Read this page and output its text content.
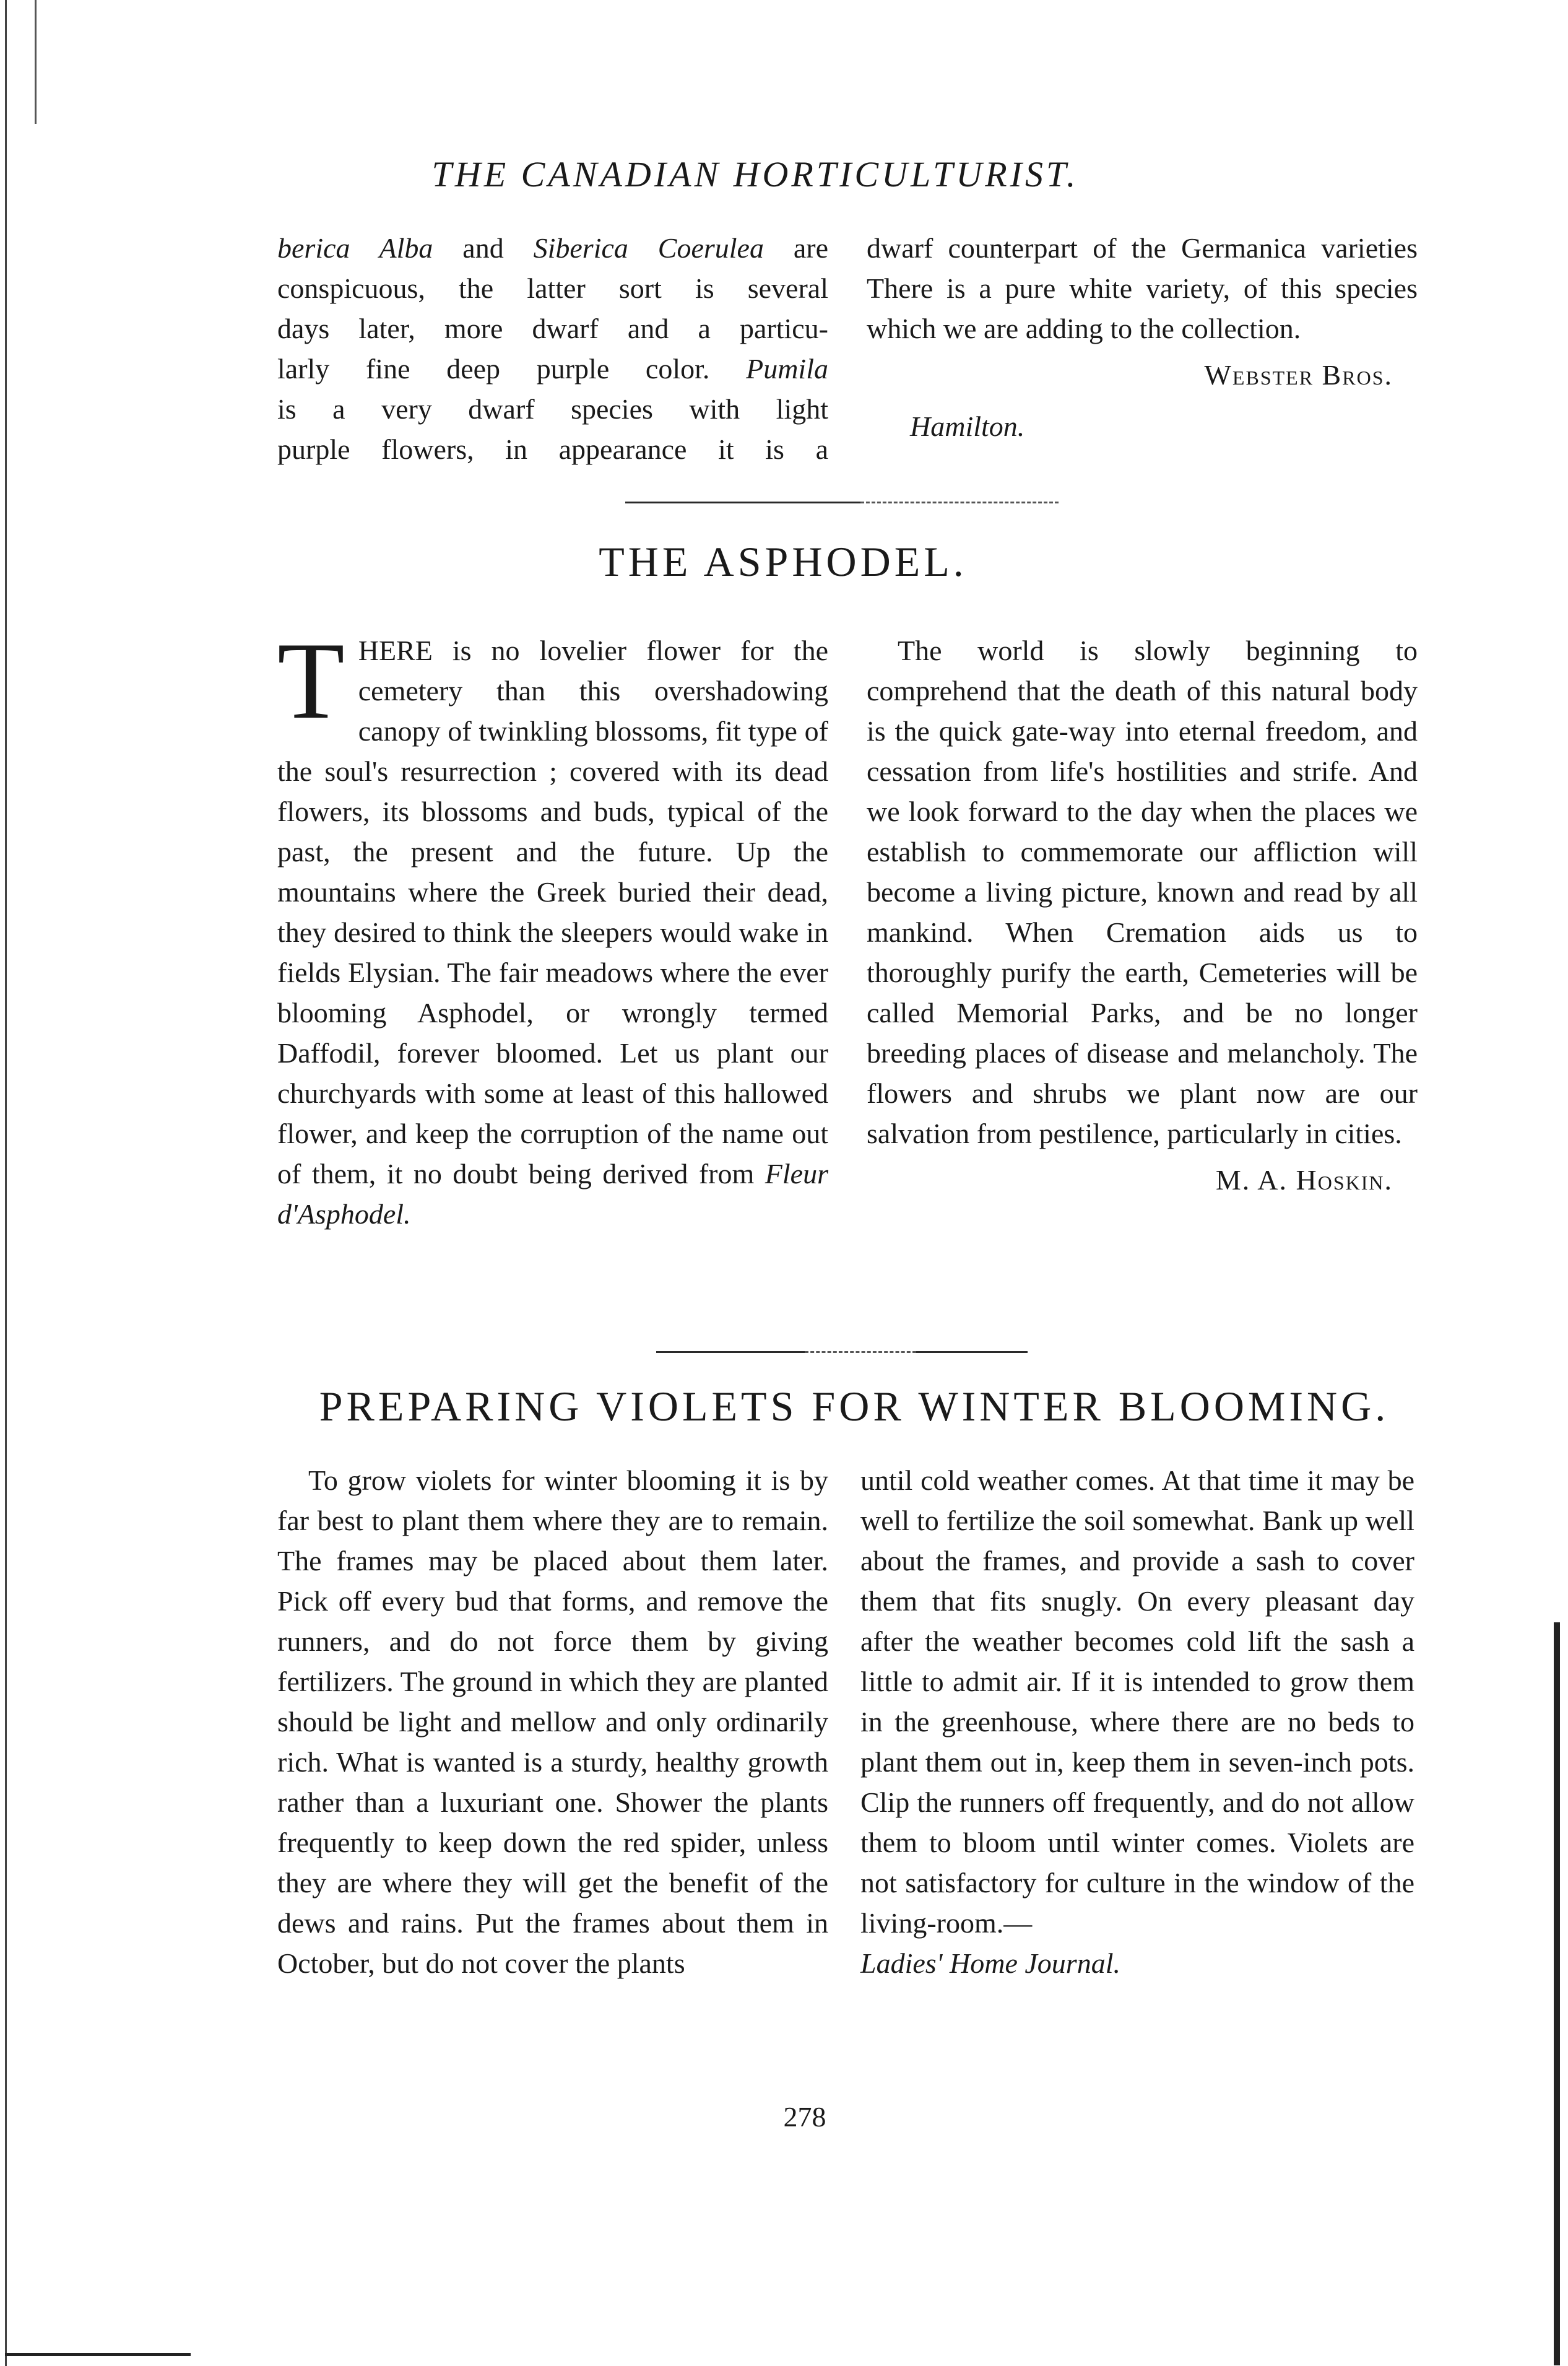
THE CANADIAN HORTICULTURIST.
berica Alba and Siberica Coerulea are
conspicuous, the latter sort is several
days later, more dwarf and a particu-
larly fine deep purple color. Pumila
is a very dwarf species with light
purple flowers, in appearance it is a

dwarf counterpart of the Germanica varieties There is a pure white variety, of this species which we are adding to the collection.

Webster Bros.

Hamilton.

THE ASPHODEL.

THERE is no lovelier flower for the cemetery than this overshadowing canopy of twinkling blossoms, fit type of the soul's resurrection ; covered with its dead flowers, its blossoms and buds, typical of the past, the present and the future. Up the mountains where the Greek buried their dead, they desired to think the sleepers would wake in fields Elysian. The fair meadows where the ever blooming Asphodel, or wrongly termed Daffodil, forever bloomed. Let us plant our churchyards with some at least of this hallowed flower, and keep the corruption of the name out of them, it no doubt being derived from Fleur d'Asphodel.

The world is slowly beginning to comprehend that the death of this natural body is the quick gate-way into eternal freedom, and cessation from life's hostilities and strife. And we look forward to the day when the places we establish to commemorate our affliction will become a living picture, known and read by all mankind. When Cremation aids us to thoroughly purify the earth, Cemeteries will be called Memorial Parks, and be no longer breeding places of disease and melancholy. The flowers and shrubs we plant now are our salvation from pestilence, particularly in cities.

M. A. Hoskin.

PREPARING VIOLETS FOR WINTER BLOOMING.

To grow violets for winter blooming it is by far best to plant them where they are to remain. The frames may be placed about them later. Pick off every bud that forms, and remove the runners, and do not force them by giving fertilizers. The ground in which they are planted should be light and mellow and only ordinarily rich. What is wanted is a sturdy, healthy growth rather than a luxuriant one. Shower the plants frequently to keep down the red spider, unless they are where they will get the benefit of the dews and rains. Put the frames about them in October, but do not cover the plants

until cold weather comes. At that time it may be well to fertilize the soil somewhat. Bank up well about the frames, and provide a sash to cover them that fits snugly. On every pleasant day after the weather becomes cold lift the sash a little to admit air. If it is intended to grow them in the greenhouse, where there are no beds to plant them out in, keep them in seven-inch pots. Clip the runners off frequently, and do not allow them to bloom until winter comes. Violets are not satisfactory for culture in the window of the living-room.—

Ladies' Home Journal.

278
